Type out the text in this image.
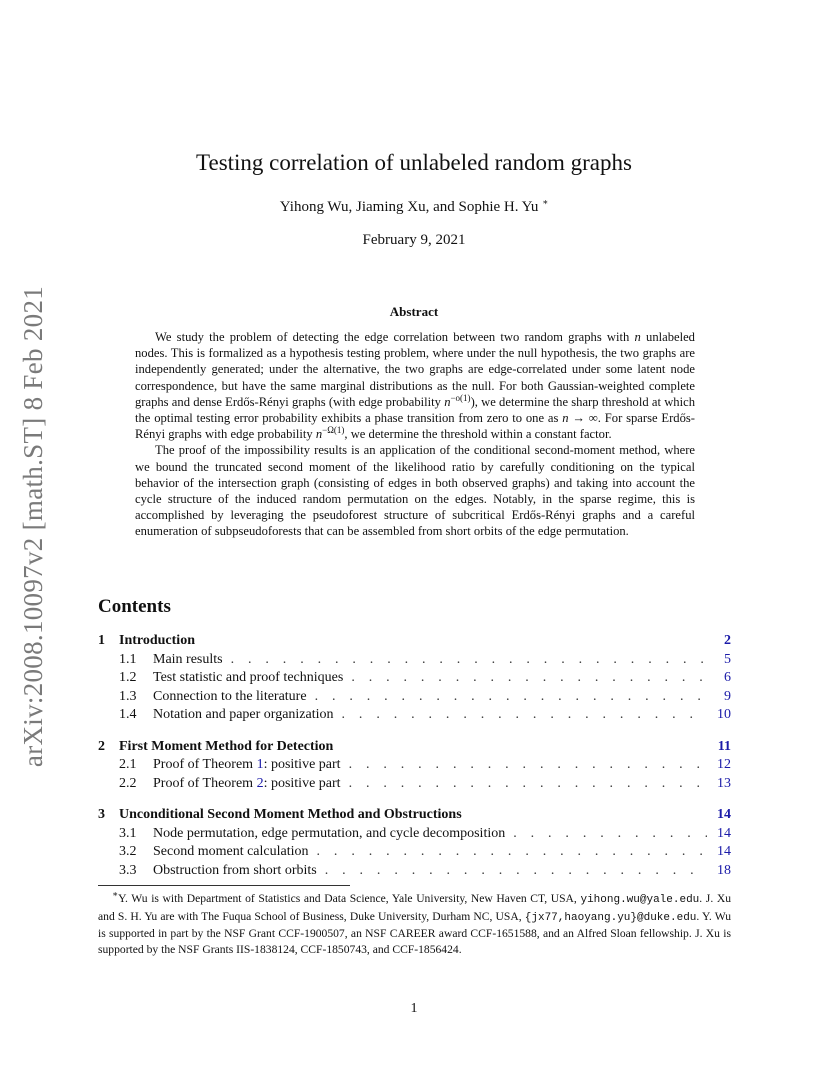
arXiv:2008.10097v2 [math.ST] 8 Feb 2021
Testing correlation of unlabeled random graphs
Yihong Wu, Jiaming Xu, and Sophie H. Yu ∗
February 9, 2021
Abstract

We study the problem of detecting the edge correlation between two random graphs with n unlabeled nodes. This is formalized as a hypothesis testing problem, where under the null hypothesis, the two graphs are independently generated; under the alternative, the two graphs are edge-correlated under some latent node correspondence, but have the same marginal distributions as the null. For both Gaussian-weighted complete graphs and dense Erdős-Rényi graphs (with edge probability $n^{-o(1)}$), we determine the sharp threshold at which the optimal testing error probability exhibits a phase transition from zero to one as n → ∞. For sparse Erdős-Rényi graphs with edge probability $n^{-\Omega(1)}$, we determine the threshold within a constant factor.

The proof of the impossibility results is an application of the conditional second-moment method, where we bound the truncated second moment of the likelihood ratio by carefully conditioning on the typical behavior of the intersection graph (consisting of edges in both observed graphs) and taking into account the cycle structure of the induced random permutation on the edges. Notably, in the sparse regime, this is accomplished by leveraging the pseudoforest structure of subcritical Erdős-Rényi graphs and a careful enumeration of subpseudoforests that can be assembled from short orbits of the edge permutation.

Contents
1	Introduction	2
1.1	Main results . . .	5
1.2	Test statistic and proof techniques . . .	6
1.3	Connection to the literature . . .	9
1.4	Notation and paper organization . . .	10
2	First Moment Method for Detection	11
2.1	Proof of Theorem 1: positive part . . .	12
2.2	Proof of Theorem 2: positive part . . .	13
3	Unconditional Second Moment Method and Obstructions	14
3.1	Node permutation, edge permutation, and cycle decomposition . . .	14
3.2	Second moment calculation . . .	14
3.3	Obstruction from short orbits . . .	18

∗Y. Wu is with Department of Statistics and Data Science, Yale University, New Haven CT, USA, yihong.wu@yale.edu. J. Xu and S. H. Yu are with The Fuqua School of Business, Duke University, Durham NC, USA, {jx77,haoyang.yu}@duke.edu. Y. Wu is supported in part by the NSF Grant CCF-1900507, an NSF CAREER award CCF-1651588, and an Alfred Sloan fellowship. J. Xu is supported by the NSF Grants IIS-1838124, CCF-1850743, and CCF-1856424.

1
